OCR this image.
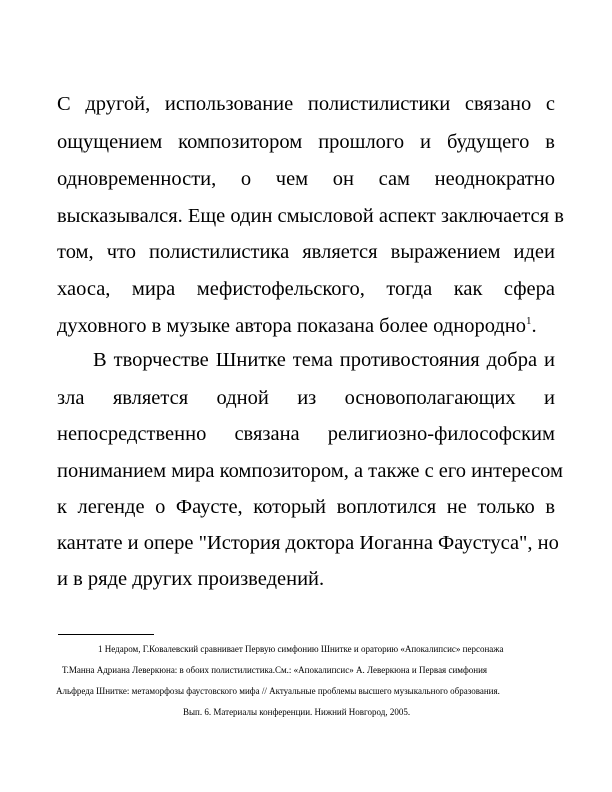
С другой, использование полистилистики связано с
ощущением композитором прошлого и будущего в
одновременности, о чем он сам неоднократно
высказывался. Еще один смысловой аспект заключается в
том, что полистилистика является выражением идеи
хаоса, мира мефистофельского, тогда как сфера
духовного в музыке автора показана более однородно$^1$.
В творчестве Шнитке тема противостояния добра и
зла является одной из основополагающих и
непосредственно связана религиозно-философским
пониманием мира композитором, а также с его интересом
к легенде о Фаусте, который воплотился не только в
кантате и опере "История доктора Иоганна Фаустуса", но
и в ряде других произведений.
1 Недаром, Г.Ковалевский сравнивает Первую симфонию Шнитке и ораторию «Апокалипсис» персонажа
Т.Манна Адриана Леверкюна: в обоих полистилистика.См.: «Апокалипсис» А. Леверкюна и Первая симфония
Альфреда Шнитке: метаморфозы фаустовского мифа // Актуальные проблемы высшего музыкального образования.
Вып. 6. Материалы конференции. Нижний Новгород, 2005.
